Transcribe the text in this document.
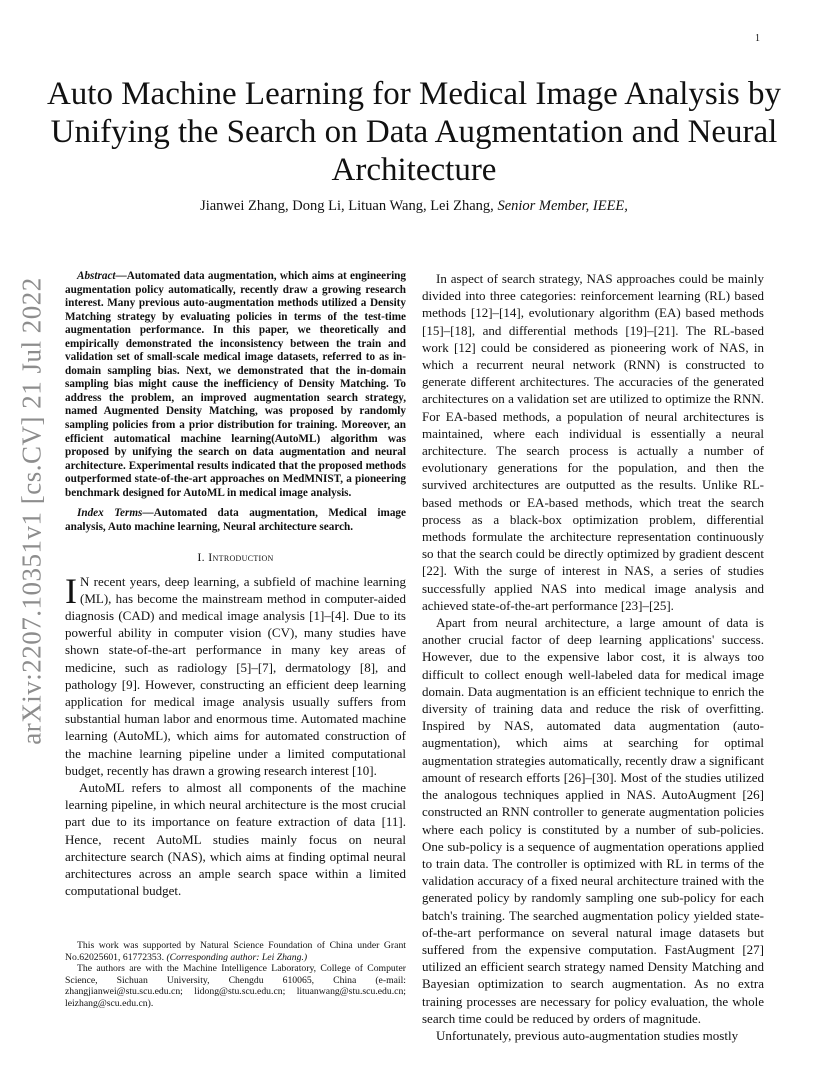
1
Auto Machine Learning for Medical Image Analysis by Unifying the Search on Data Augmentation and Neural Architecture
Jianwei Zhang, Dong Li, Lituan Wang, Lei Zhang, Senior Member, IEEE,
arXiv:2207.10351v1 [cs.CV] 21 Jul 2022

Abstract—Automated data augmentation, which aims at engineering augmentation policy automatically, recently draw a growing research interest. Many previous auto-augmentation methods utilized a Density Matching strategy by evaluating policies in terms of the test-time augmentation performance. In this paper, we theoretically and empirically demonstrated the inconsistency between the train and validation set of small-scale medical image datasets, referred to as in-domain sampling bias. Next, we demonstrated that the in-domain sampling bias might cause the inefficiency of Density Matching. To address the problem, an improved augmentation search strategy, named Augmented Density Matching, was proposed by randomly sampling policies from a prior distribution for training. Moreover, an efficient automatical machine learning(AutoML) algorithm was proposed by unifying the search on data augmentation and neural architecture. Experimental results indicated that the proposed methods outperformed state-of-the-art approaches on MedMNIST, a pioneering benchmark designed for AutoML in medical image analysis.

Index Terms—Automated data augmentation, Medical image analysis, Auto machine learning, Neural architecture search.

I. Introduction

I N recent years, deep learning, a subfield of machine learning (ML), has become the mainstream method in computer-aided diagnosis (CAD) and medical image analysis [1]–[4]. Due to its powerful ability in computer vision (CV), many studies have shown state-of-the-art performance in many key areas of medicine, such as radiology [5]–[7], dermatology [8], and pathology [9]. However, constructing an efficient deep learning application for medical image analysis usually suffers from substantial human labor and enormous time. Automated machine learning (AutoML), which aims for automated construction of the machine learning pipeline under a limited computational budget, recently has drawn a growing research interest [10].

AutoML refers to almost all components of the machine learning pipeline, in which neural architecture is the most crucial part due to its importance on feature extraction of data [11]. Hence, recent AutoML studies mainly focus on neural architecture search (NAS), which aims at finding optimal neural architectures across an ample search space within a limited computational budget.

This work was supported by Natural Science Foundation of China under Grant No.62025601, 61772353. (Corresponding author: Lei Zhang.)

The authors are with the Machine Intelligence Laboratory, College of Computer Science, Sichuan University, Chengdu 610065, China (e-mail: zhangjianwei@stu.scu.edu.cn; lidong@stu.scu.edu.cn; lituanwang@stu.scu.edu.cn; leizhang@scu.edu.cn).

In aspect of search strategy, NAS approaches could be mainly divided into three categories: reinforcement learning (RL) based methods [12]–[14], evolutionary algorithm (EA) based methods [15]–[18], and differential methods [19]–[21]. The RL-based work [12] could be considered as pioneering work of NAS, in which a recurrent neural network (RNN) is constructed to generate different architectures. The accuracies of the generated architectures on a validation set are utilized to optimize the RNN. For EA-based methods, a population of neural architectures is maintained, where each individual is essentially a neural architecture. The search process is actually a number of evolutionary generations for the population, and then the survived architectures are outputted as the results. Unlike RL-based methods or EA-based methods, which treat the search process as a black-box optimization problem, differential methods formulate the architecture representation continuously so that the search could be directly optimized by gradient descent [22]. With the surge of interest in NAS, a series of studies successfully applied NAS into medical image analysis and achieved state-of-the-art performance [23]–[25].

Apart from neural architecture, a large amount of data is another crucial factor of deep learning applications' success. However, due to the expensive labor cost, it is always too difficult to collect enough well-labeled data for medical image domain. Data augmentation is an efficient technique to enrich the diversity of training data and reduce the risk of overfitting. Inspired by NAS, automated data augmentation (auto-augmentation), which aims at searching for optimal augmentation strategies automatically, recently draw a significant amount of research efforts [26]–[30]. Most of the studies utilized the analogous techniques applied in NAS. AutoAugment [26] constructed an RNN controller to generate augmentation policies where each policy is constituted by a number of sub-policies. One sub-policy is a sequence of augmentation operations applied to train data. The controller is optimized with RL in terms of the validation accuracy of a fixed neural architecture trained with the generated policy by randomly sampling one sub-policy for each batch's training. The searched augmentation policy yielded state-of-the-art performance on several natural image datasets but suffered from the expensive computation. FastAugment [27] utilized an efficient search strategy named Density Matching and Bayesian optimization to search augmentation. As no extra training processes are necessary for policy evaluation, the whole search time could be reduced by orders of magnitude.

Unfortunately, previous auto-augmentation studies mostly
